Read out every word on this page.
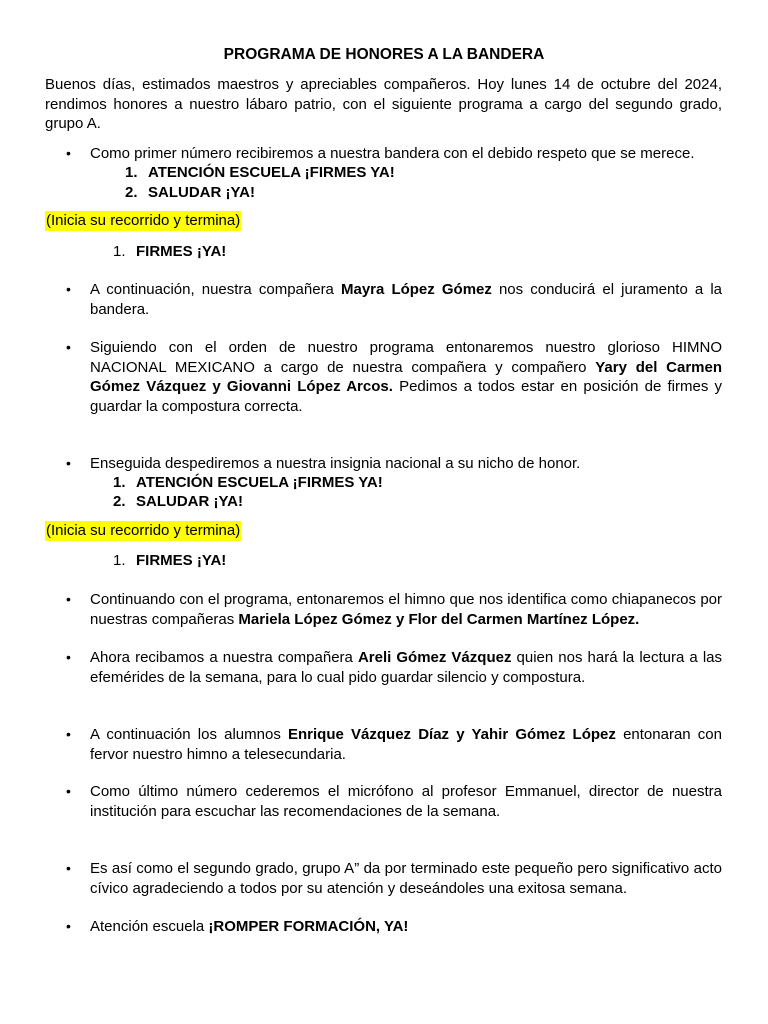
PROGRAMA DE HONORES A LA BANDERA

Buenos días, estimados maestros y apreciables compañeros. Hoy lunes 14 de octubre del 2024, rendimos honores a nuestro lábaro patrio, con el siguiente programa a cargo del segundo grado, grupo A.

• Como primer número recibiremos a nuestra bandera con el debido respeto que se merece.

1. ATENCIÓN ESCUELA ¡FIRMES YA!
2. SALUDAR ¡YA!
(Inicia su recorrido y termina)
1. FIRMES ¡YA!
• A continuación, nuestra compañera Mayra López Gómez nos conducirá el juramento a la bandera.

• Siguiendo con el orden de nuestro programa entonaremos nuestro glorioso HIMNO NACIONAL MEXICANO a cargo de nuestra compañera y compañero Yary del Carmen Gómez Vázquez y Giovanni López Arcos. Pedimos a todos estar en posición de firmes y guardar la compostura correcta.

• Enseguida despediremos a nuestra insignia nacional a su nicho de honor.

1. ATENCIÓN ESCUELA ¡FIRMES YA!
2. SALUDAR ¡YA!
(Inicia su recorrido y termina)
1. FIRMES ¡YA!
• Continuando con el programa, entonaremos el himno que nos identifica como chiapanecos por nuestras compañeras Mariela López Gómez y Flor del Carmen Martínez López.

• Ahora recibamos a nuestra compañera Areli Gómez Vázquez quien nos hará la lectura a las efemérides de la semana, para lo cual pido guardar silencio y compostura.

• A continuación los alumnos Enrique Vázquez Díaz y Yahir Gómez López entonaran con fervor nuestro himno a telesecundaria.

• Como último número cederemos el micrófono al profesor Emmanuel, director de nuestra institución para escuchar las recomendaciones de la semana.

• Es así como el segundo grado, grupo A” da por terminado este pequeño pero significativo acto cívico agradeciendo a todos por su atención y deseándoles una exitosa semana.

• Atención escuela ¡ROMPER FORMACIÓN, YA!
